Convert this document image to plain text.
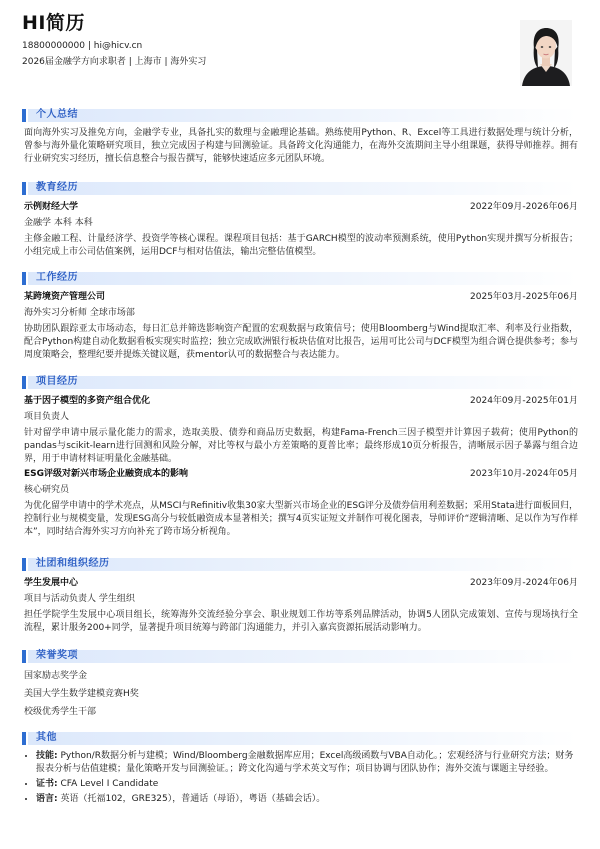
HI简历
18800000000 | hi@hicv.cn
2026届金融学方向求职者 | 上海市 | 海外实习
个人总结
面向海外实习及推免方向，金融学专业，具备扎实的数理与金融理论基础。熟练使用Python、R、Excel等工具进行数据处理与统计分析，曾参与海外量化策略研究项目，独立完成因子构建与回测验证。具备跨文化沟通能力，在海外交流期间主导小组课题，获得导师推荐。拥有行业研究实习经历，擅长信息整合与报告撰写，能够快速适应多元团队环境。
教育经历
示例财经大学	2022年09月-2026年06月
金融学 本科 本科
主修金融工程、计量经济学、投资学等核心课程。课程项目包括：基于GARCH模型的波动率预测系统，使用Python实现并撰写分析报告；小组完成上市公司估值案例，运用DCF与相对估值法，输出完整估值模型。
工作经历
某跨境资产管理公司	2025年03月-2025年06月
海外实习分析师 全球市场部
协助团队跟踪亚太市场动态，每日汇总并筛选影响资产配置的宏观数据与政策信号；使用Bloomberg与Wind提取汇率、利率及行业指数，配合Python构建自动化数据看板实现实时监控；独立完成欧洲银行板块估值对比报告，运用可比公司与DCF模型为组合调仓提供参考；参与周度策略会，整理纪要并提炼关键议题，获mentor认可的数据整合与表达能力。
项目经历
基于因子模型的多资产组合优化	2024年09月-2025年01月
项目负责人
针对留学申请中展示量化能力的需求，选取美股、债券和商品历史数据，构建Fama-French三因子模型并计算因子载荷；使用Python的pandas与scikit-learn进行回测和风险分解，对比等权与最小方差策略的夏普比率；最终形成10页分析报告，清晰展示因子暴露与组合边界，用于申请材料证明量化金融基础。
ESG评级对新兴市场企业融资成本的影响	2023年10月-2024年05月
核心研究员
为优化留学申请中的学术亮点，从MSCI与Refinitiv收集30家大型新兴市场企业的ESG评分及债券信用利差数据；采用Stata进行面板回归，控制行业与规模变量，发现ESG高分与较低融资成本显著相关；撰写4页实证短文并制作可视化图表，导师评价“逻辑清晰、足以作为写作样本”，同时结合海外实习方向补充了跨市场分析视角。
社团和组织经历
学生发展中心	2023年09月-2024年06月
项目与活动负责人 学生组织
担任学院学生发展中心项目组长，统筹海外交流经验分享会、职业规划工作坊等系列品牌活动，协调5人团队完成策划、宣传与现场执行全流程，累计服务200+同学，显著提升项目统筹与跨部门沟通能力，并引入嘉宾资源拓展活动影响力。
荣誉奖项
国家励志奖学金
美国大学生数学建模竞赛H奖
校级优秀学生干部
其他
• 技能: Python/R数据分析与建模；Wind/Bloomberg金融数据库应用；Excel高级函数与VBA自动化。；宏观经济与行业研究方法；财务报表分析与估值建模；量化策略开发与回测验证。；跨文化沟通与学术英文写作；项目协调与团队协作；海外交流与课题主导经验。
• 证书: CFA Level I Candidate
• 语言: 英语（托福102，GRE325），普通话（母语），粤语（基础会话）。
